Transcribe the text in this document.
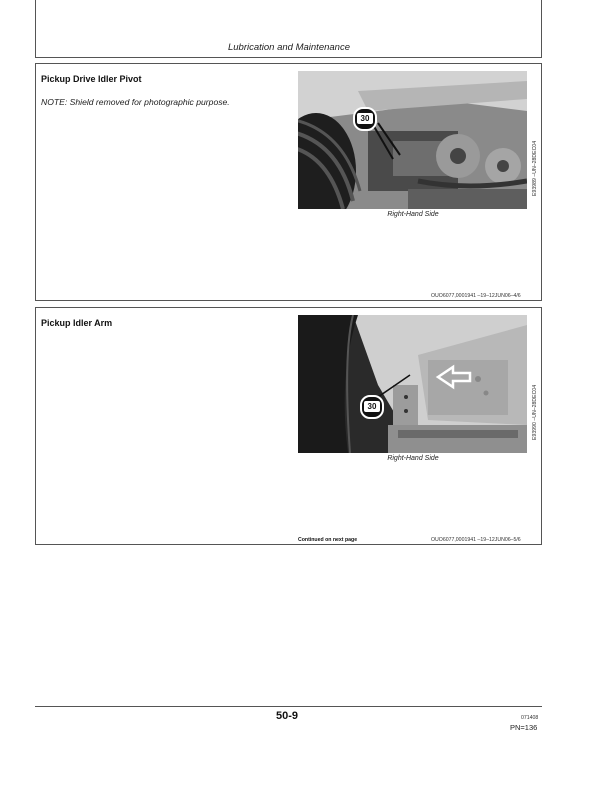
Lubrication and Maintenance
Pickup Drive Idler Pivot
NOTE: Shield removed for photographic purpose.
30
E93989 –UN–28DEC04
Right-Hand Side
OUO6077,0001941 –19–12JUN06–4/6
Pickup Idler Arm
30	E93990 –UN–28DEC04
Right-Hand Side
Continued on next page	OUO6077,0001941 –19–12JUN06–5/6
50-9	071408
PN=136
